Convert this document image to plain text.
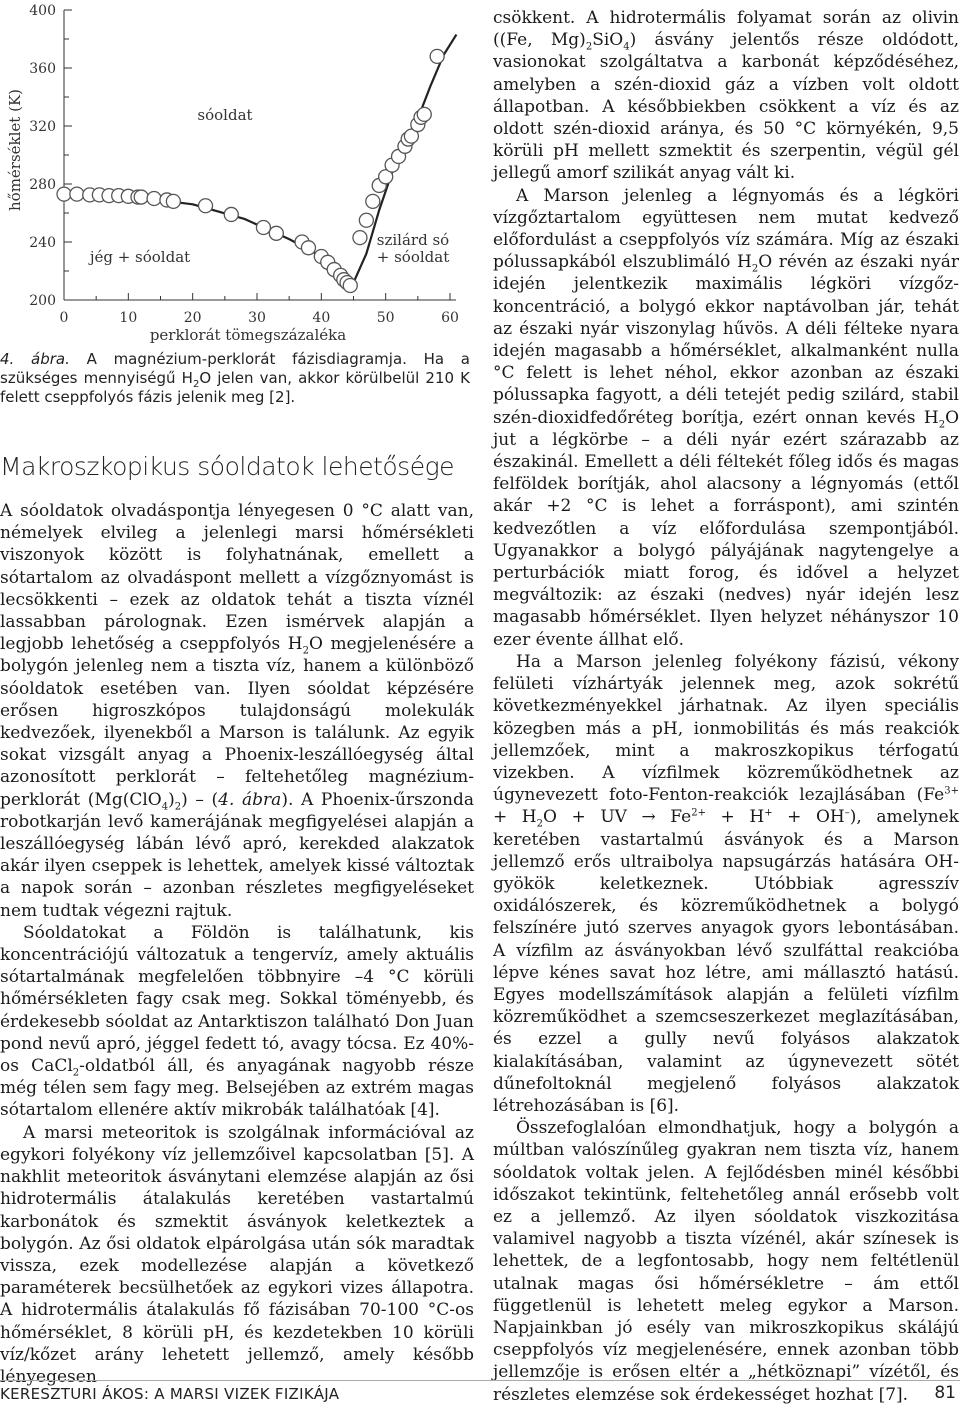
200
240
280
320
360
400
0	10	20	30	40	50	60
perklorát tömegszázaléka
hőmérséklet (K)	sóoldat
jég + sóoldat
szilárd só
+ sóoldat
4. ábra. A magnézium-perklorát fázisdiagramja. Ha a szükséges mennyiségű $H_2O$ jelen van, akkor körülbelül 210 K felett cseppfolyós fázis jelenik meg [2].
Makroszkopikus sóoldatok lehetősége

A sóoldatok olvadáspontja lényegesen 0 °C alatt van, némelyek elvileg a jelenlegi marsi hőmérsékleti viszonyok között is folyhatnának, emellett a sótartalom az olvadáspont mellett a vízgőznyomást is lecsökkenti – ezek az oldatok tehát a tiszta víznél lassabban párolognak. Ezen ismérvek alapján a legjobb lehetőség a cseppfolyós $H_2O$ megjelenésére a bolygón jelenleg nem a tiszta víz, hanem a különböző sóoldatok esetében van. Ilyen sóoldat képzésére erősen higroszkópos tulajdonságú molekulák kedvezőek, ilyenekből a Marson is találunk. Az egyik sokat vizsgált anyag a Phoenix-leszállóegység által azonosított perklorát – feltehetőleg magnézium-perklorát $(Mg(ClO_4)_2) - (4$. ábra). A Phoenix-űrszonda robotkarján levő kamerájának megfigyelései alapján a leszállóegység lábán lévő apró, kerekded alakzatok akár ilyen cseppek is lehettek, amelyek kissé változtak a napok során – azonban részletes megfigyeléseket nem tudtak végezni rajtuk.

Sóoldatokat a Földön is találhatunk, kis koncentrációjú változatuk a tengervíz, amely aktuális sótartalmának megfelelően többnyire –4 °C körüli hőmérsékleten fagy csak meg. Sokkal töményebb, és érdekesebb sóoldat az Antarktiszon található Don Juan pond nevű apró, jéggel fedett tó, avagy tócsa. Ez 40%-os CaCl$_2$-oldatból áll, és anyagának nagyobb része még télen sem fagy meg. Belsejében az extrém magas sótartalom ellenére aktív mikrobák találhatóak [4].

A marsi meteoritok is szolgálnak információval az egykori folyékony víz jellemzőivel kapcsolatban [5]. A nakhlit meteoritok ásványtani elemzése alapján az ősi hidrotermális átalakulás keretében vastartalmú karbonátok és szmektit ásványok keletkeztek a bolygón. Az ősi oldatok elpárolgása után sók maradtak vissza, ezek modellezése alapján a következő paraméterek becsülhetőek az egykori vizes állapotra. A hidrotermális átalakulás fő fázisában 70-100 °C-os hőmérséklet, 8 körüli pH, és kezdetekben 10 körüli víz/kőzet arány lehetett jellemző, amely később lényegesen

csökkent. A hidrotermális folyamat során az olivin ((Fe, $Mg)_2SiO_4$) ásvány jelentős része oldódott, vasionokat szolgáltatva a karbonát képződéséhez, amelyben a szén-dioxid gáz a vízben volt oldott állapotban. A későbbiekben csökkent a víz és az oldott szén-dioxid aránya, és 50 °C környékén, 9,5 körüli pH mellett szmektit és szerpentin, végül gél jellegű amorf szilikát anyag vált ki.

A Marson jelenleg a légnyomás és a légköri vízgőztartalom együttesen nem mutat kedvező előfordulást a cseppfolyós víz számára. Míg az északi pólussapkából elszublimáló $H_2O$ révén az északi nyár idején jelentkezik maximális légköri vízgőz-koncentráció, a bolygó ekkor naptávolban jár, tehát az északi nyár viszonylag hűvös. A déli félteke nyara idején magasabb a hőmérséklet, alkalmanként nulla °C felett is lehet néhol, ekkor azonban az északi pólussapka fagyott, a déli tetejét pedig szilárd, stabil szén-dioxidfedőréteg borítja, ezért onnan kevés $H_2O$ jut a légkörbe – a déli nyár ezért szárazabb az északinál. Emellett a déli féltekét főleg idős és magas felföldek borítják, ahol alacsony a légnyomás (ettől akár +2 °C is lehet a forráspont), ami szintén kedvezőtlen a víz előfordulása szempontjából. Ugyanakkor a bolygó pályájának nagytengelye a perturbációk miatt forog, és idővel a helyzet megváltozik: az északi (nedves) nyár idején lesz magasabb hőmérséklet. Ilyen helyzet néhányszor 10 ezer évente állhat elő.

Ha a Marson jelenleg folyékony fázisú, vékony felületi vízhártyák jelennek meg, azok sokrétű következményekkel járhatnak. Az ilyen speciális közegben más a pH, ionmobilitás és más reakciók jellemzőek, mint a makroszkopikus térfogatú vizekben. A vízfilmek közreműködhetnek az úgynevezett foto-Fenton-reakciók lezajlásában ($Fe^{3+} + H_2O$ + UV → $Fe^{2+} + H^+ + OH^-$), amelynek keretében vastartalmú ásványok és a Marson jellemző erős ultraibolya napsugárzás hatására OH-gyökök keletkeznek. Utóbbiak agresszív oxidálószerek, és közreműködhetnek a bolygó felszínére jutó szerves anyagok gyors lebontásában. A vízfilm az ásványokban lévő szulfáttal reakcióba lépve kénes savat hoz létre, ami mállasztó hatású. Egyes modellszámítások alapján a felületi vízfilm közreműködhet a szemcseszerkezet meglazításában, és ezzel a gully nevű folyásos alakzatok kialakításában, valamint az úgynevezett sötét dűnefoltoknál megjelenő folyásos alakzatok létrehozásában is [6].

Összefoglalóan elmondhatjuk, hogy a bolygón a múltban valószínűleg gyakran nem tiszta víz, hanem sóoldatok voltak jelen. A fejlődésben minél későbbi időszakot tekintünk, feltehetőleg annál erősebb volt ez a jellemző. Az ilyen sóoldatok viszkozitása valamivel nagyobb a tiszta vízénél, akár színesek is lehettek, de a legfontosabb, hogy nem feltétlenül utalnak magas ősi hőmérsékletre – ám ettől függetlenül is lehetett meleg egykor a Marson. Napjainkban jó esély van mikroszkopikus skálájú cseppfolyós víz megjelenésére, ennek azonban több jellemzője is erősen eltér a „hétköznapi” vízétől, és részletes elemzése sok érdekességet hozhat [7].

KERESZTURI ÁKOS: A MARSI VIZEK FIZIKÁJA	81
